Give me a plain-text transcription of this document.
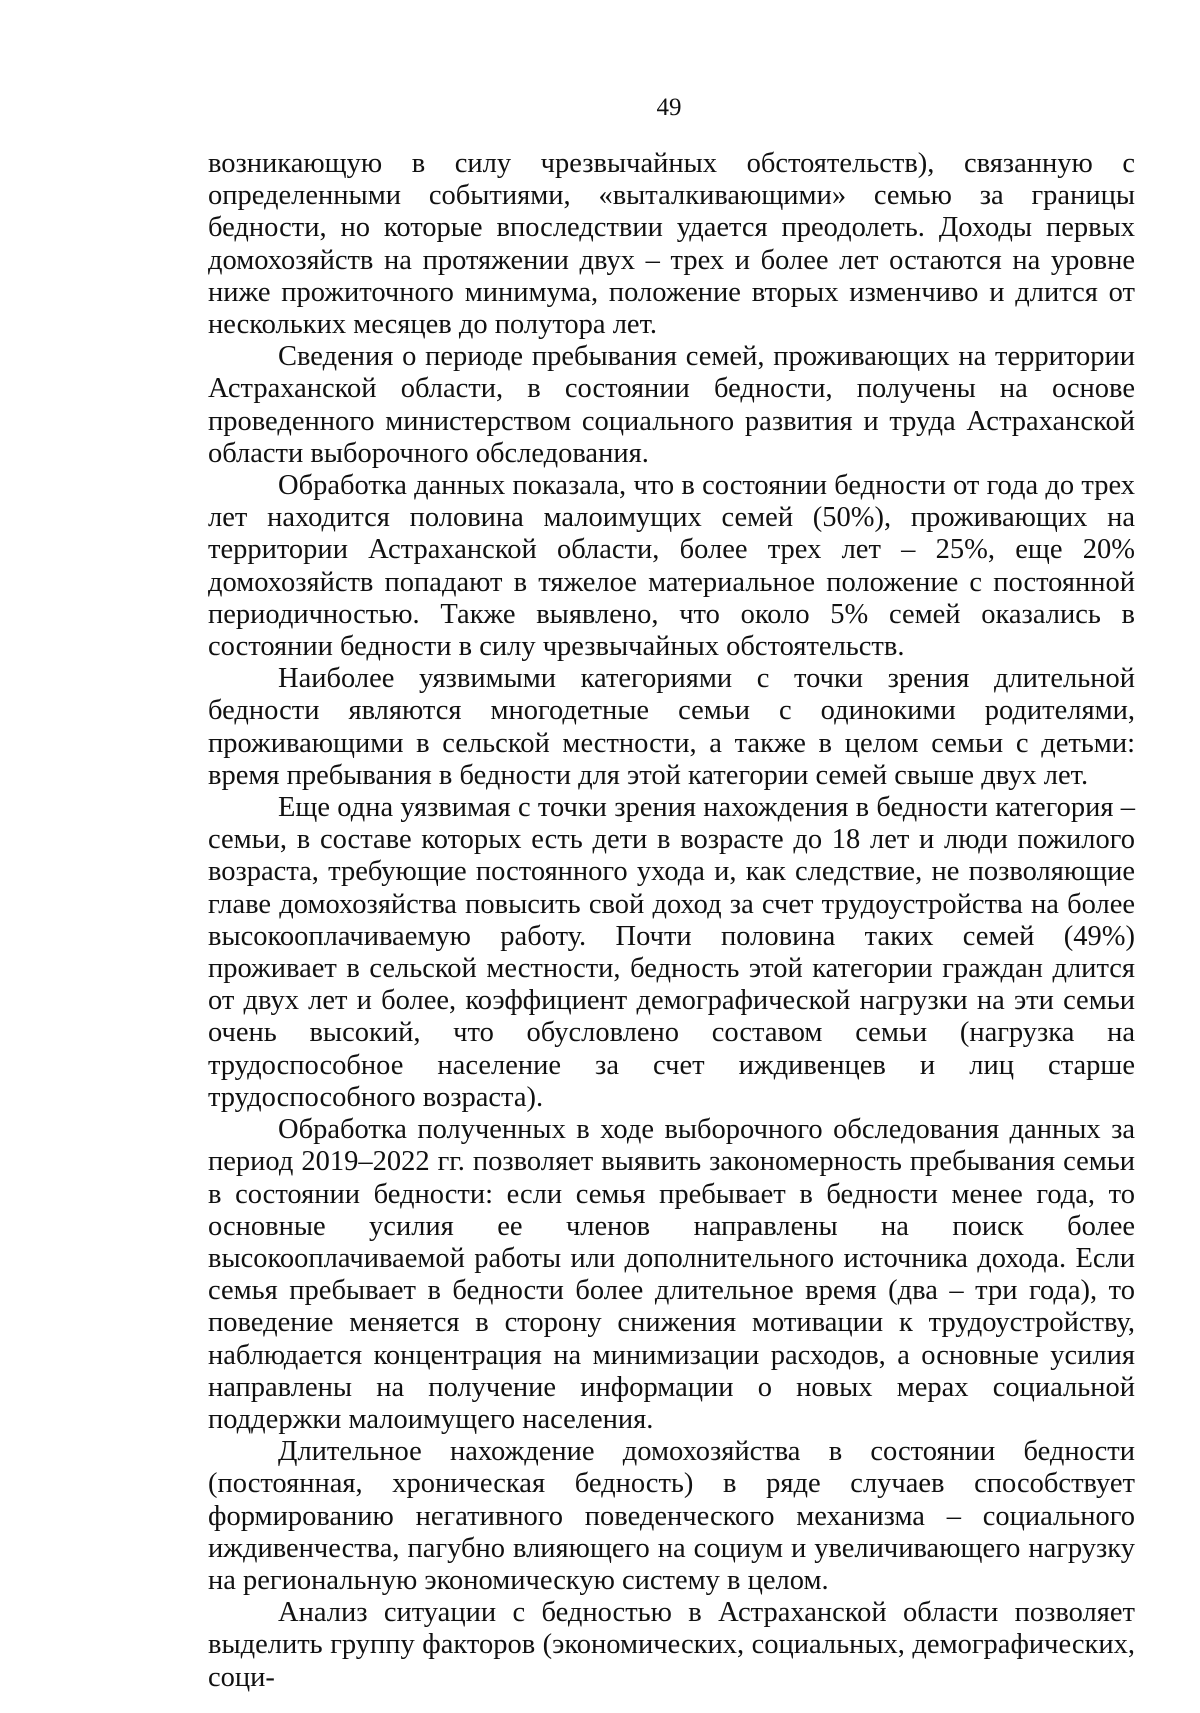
49

возникающую в силу чрезвычайных обстоятельств), связанную с определенными событиями, «выталкивающими» семью за границы бедности, но которые впоследствии удается преодолеть. Доходы первых домохозяйств на протяжении двух – трех и более лет остаются на уровне ниже прожиточного минимума, положение вторых изменчиво и длится от нескольких месяцев до полутора лет.

Сведения о периоде пребывания семей, проживающих на территории Астраханской области, в состоянии бедности, получены на основе проведенного министерством социального развития и труда Астраханской области выборочного обследования.

Обработка данных показала, что в состоянии бедности от года до трех лет находится половина малоимущих семей (50%), проживающих на территории Астраханской области, более трех лет – 25%, еще 20% домохозяйств попадают в тяжелое материальное положение с постоянной периодичностью. Также выявлено, что около 5% семей оказались в состоянии бедности в силу чрезвычайных обстоятельств.

Наиболее уязвимыми категориями с точки зрения длительной бедности являются многодетные семьи с одинокими родителями, проживающими в сельской местности, а также в целом семьи с детьми: время пребывания в бедности для этой категории семей свыше двух лет.

Еще одна уязвимая с точки зрения нахождения в бедности категория – семьи, в составе которых есть дети в возрасте до 18 лет и люди пожилого возраста, требующие постоянного ухода и, как следствие, не позволяющие главе домохозяйства повысить свой доход за счет трудоустройства на более высокооплачиваемую работу. Почти половина таких семей (49%) проживает в сельской местности, бедность этой категории граждан длится от двух лет и более, коэффициент демографической нагрузки на эти семьи очень высокий, что обусловлено составом семьи (нагрузка на трудоспособное население за счет иждивенцев и лиц старше трудоспособного возраста).

Обработка полученных в ходе выборочного обследования данных за период 2019–2022 гг. позволяет выявить закономерность пребывания семьи в состоянии бедности: если семья пребывает в бедности менее года, то основные усилия ее членов направлены на поиск более высокооплачиваемой работы или дополнительного источника дохода. Если семья пребывает в бедности более длительное время (два – три года), то поведение меняется в сторону снижения мотивации к трудоустройству, наблюдается концентрация на минимизации расходов, а основные усилия направлены на получение информации о новых мерах социальной поддержки малоимущего населения.

Длительное нахождение домохозяйства в состоянии бедности (постоянная, хроническая бедность) в ряде случаев способствует формированию негативного поведенческого механизма – социального иждивенчества, пагубно влияющего на социум и увеличивающего нагрузку на региональную экономическую систему в целом.

Анализ ситуации с бедностью в Астраханской области позволяет выделить группу факторов (экономических, социальных, демографических, соци-
